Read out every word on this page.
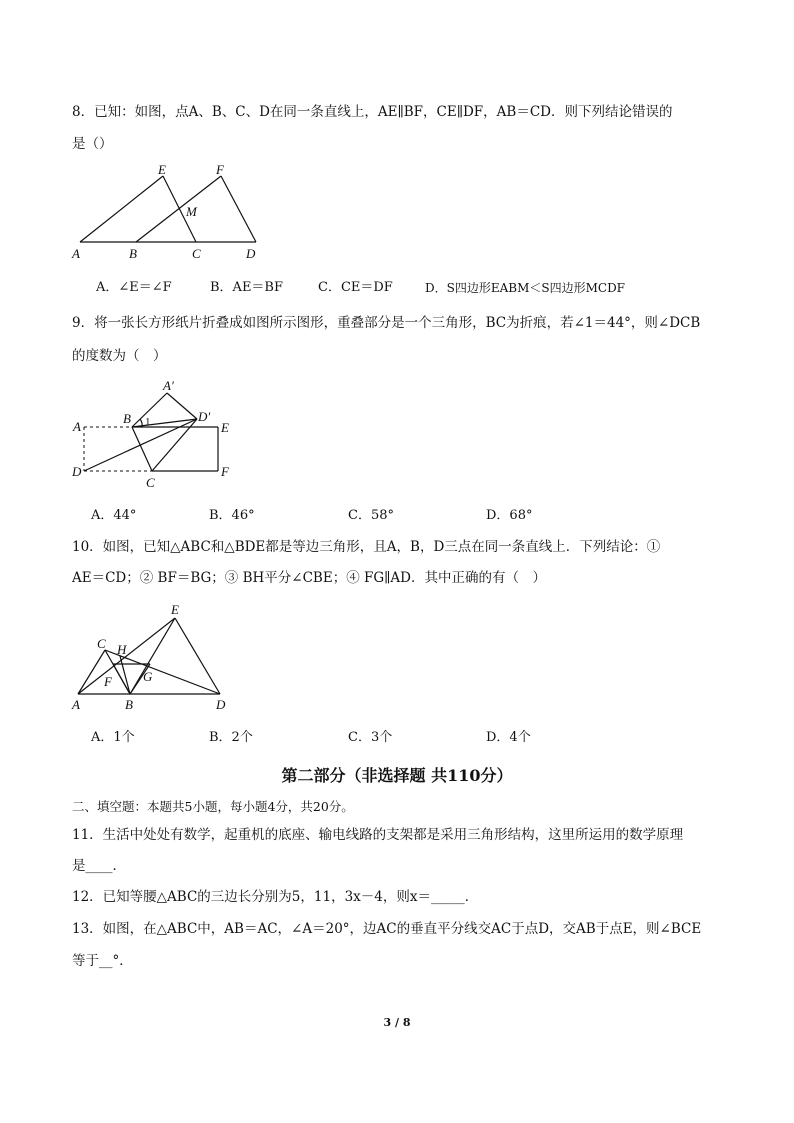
8．已知：如图，点A、B、C、D在同一条直线上，AE∥BF，CE∥DF，AB＝CD．则下列结论错误的
是（）
E	F
M
A	B	C	D
A．∠E＝∠F	B．AE＝BF	C．CE＝DF	D．S四边形EABM＜S四边形MCDF
9．将一张长方形纸片折叠成如图所示图形，重叠部分是一个三角形，BC为折痕，若∠1＝44°，则∠DCB
的度数为（　）
A′
B 1	D′
E
A
D
C
F
A．44°	B．46°	C．58°	D．68°
10．如图，已知△ABC和△BDE都是等边三角形，且A，B，D三点在同一条直线上．下列结论：①
AE＝CD；② BF＝BG；③ BH平分∠CBE；④ FG∥AD．其中正确的有（　）
E
C H
F G
A	B	D
A．1个	B．2个	C．3个	D．4个
第二部分（非选择题 共110分）
二、填空题：本题共5小题，每小题4分，共20分。
11．生活中处处有数学，起重机的底座、输电线路的支架都是采用三角形结构，这里所运用的数学原理
是____．
12．已知等腰△ABC的三边长分别为5，11，3x－4，则x＝_____．
13．如图，在△ABC中，AB＝AC，∠A＝20°，边AC的垂直平分线交AC于点D，交AB于点E，则∠BCE
等于__°．
3 / 8
